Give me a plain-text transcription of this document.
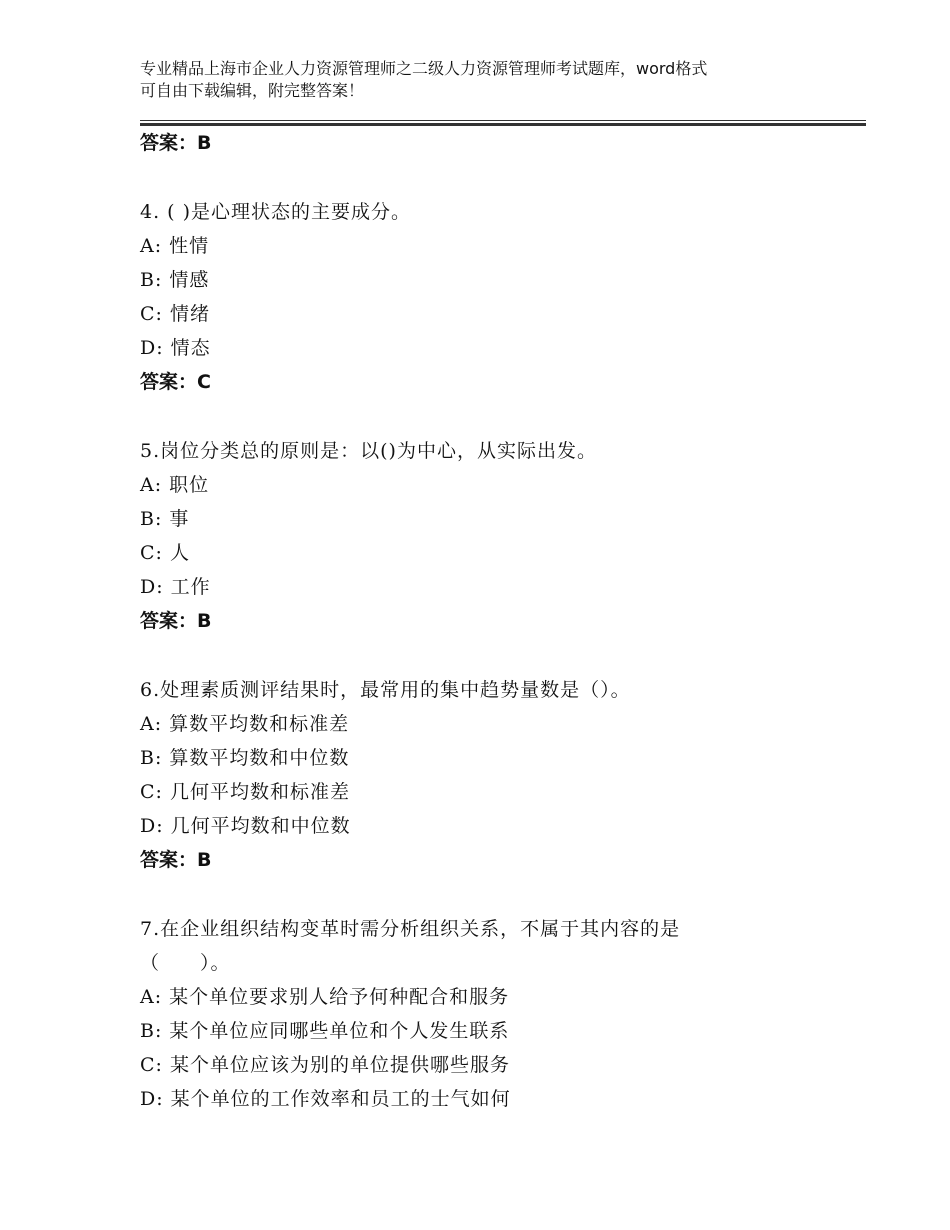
专业精品上海市企业人力资源管理师之二级人力资源管理师考试题库，word格式
可自由下载编辑，附完整答案！
答案：B
4. ( )是心理状态的主要成分。
A: 性情
B: 情感
C: 情绪
D: 情态
答案：C
5.岗位分类总的原则是：以()为中心，从实际出发。
A: 职位
B: 事
C: 人
D: 工作
答案：B
6.处理素质测评结果时，最常用的集中趋势量数是（）。
A: 算数平均数和标准差
B: 算数平均数和中位数
C: 几何平均数和标准差
D: 几何平均数和中位数
答案：B
7.在企业组织结构变革时需分析组织关系，不属于其内容的是
（　　）。
A: 某个单位要求别人给予何种配合和服务
B: 某个单位应同哪些单位和个人发生联系
C: 某个单位应该为别的单位提供哪些服务
D: 某个单位的工作效率和员工的士气如何
